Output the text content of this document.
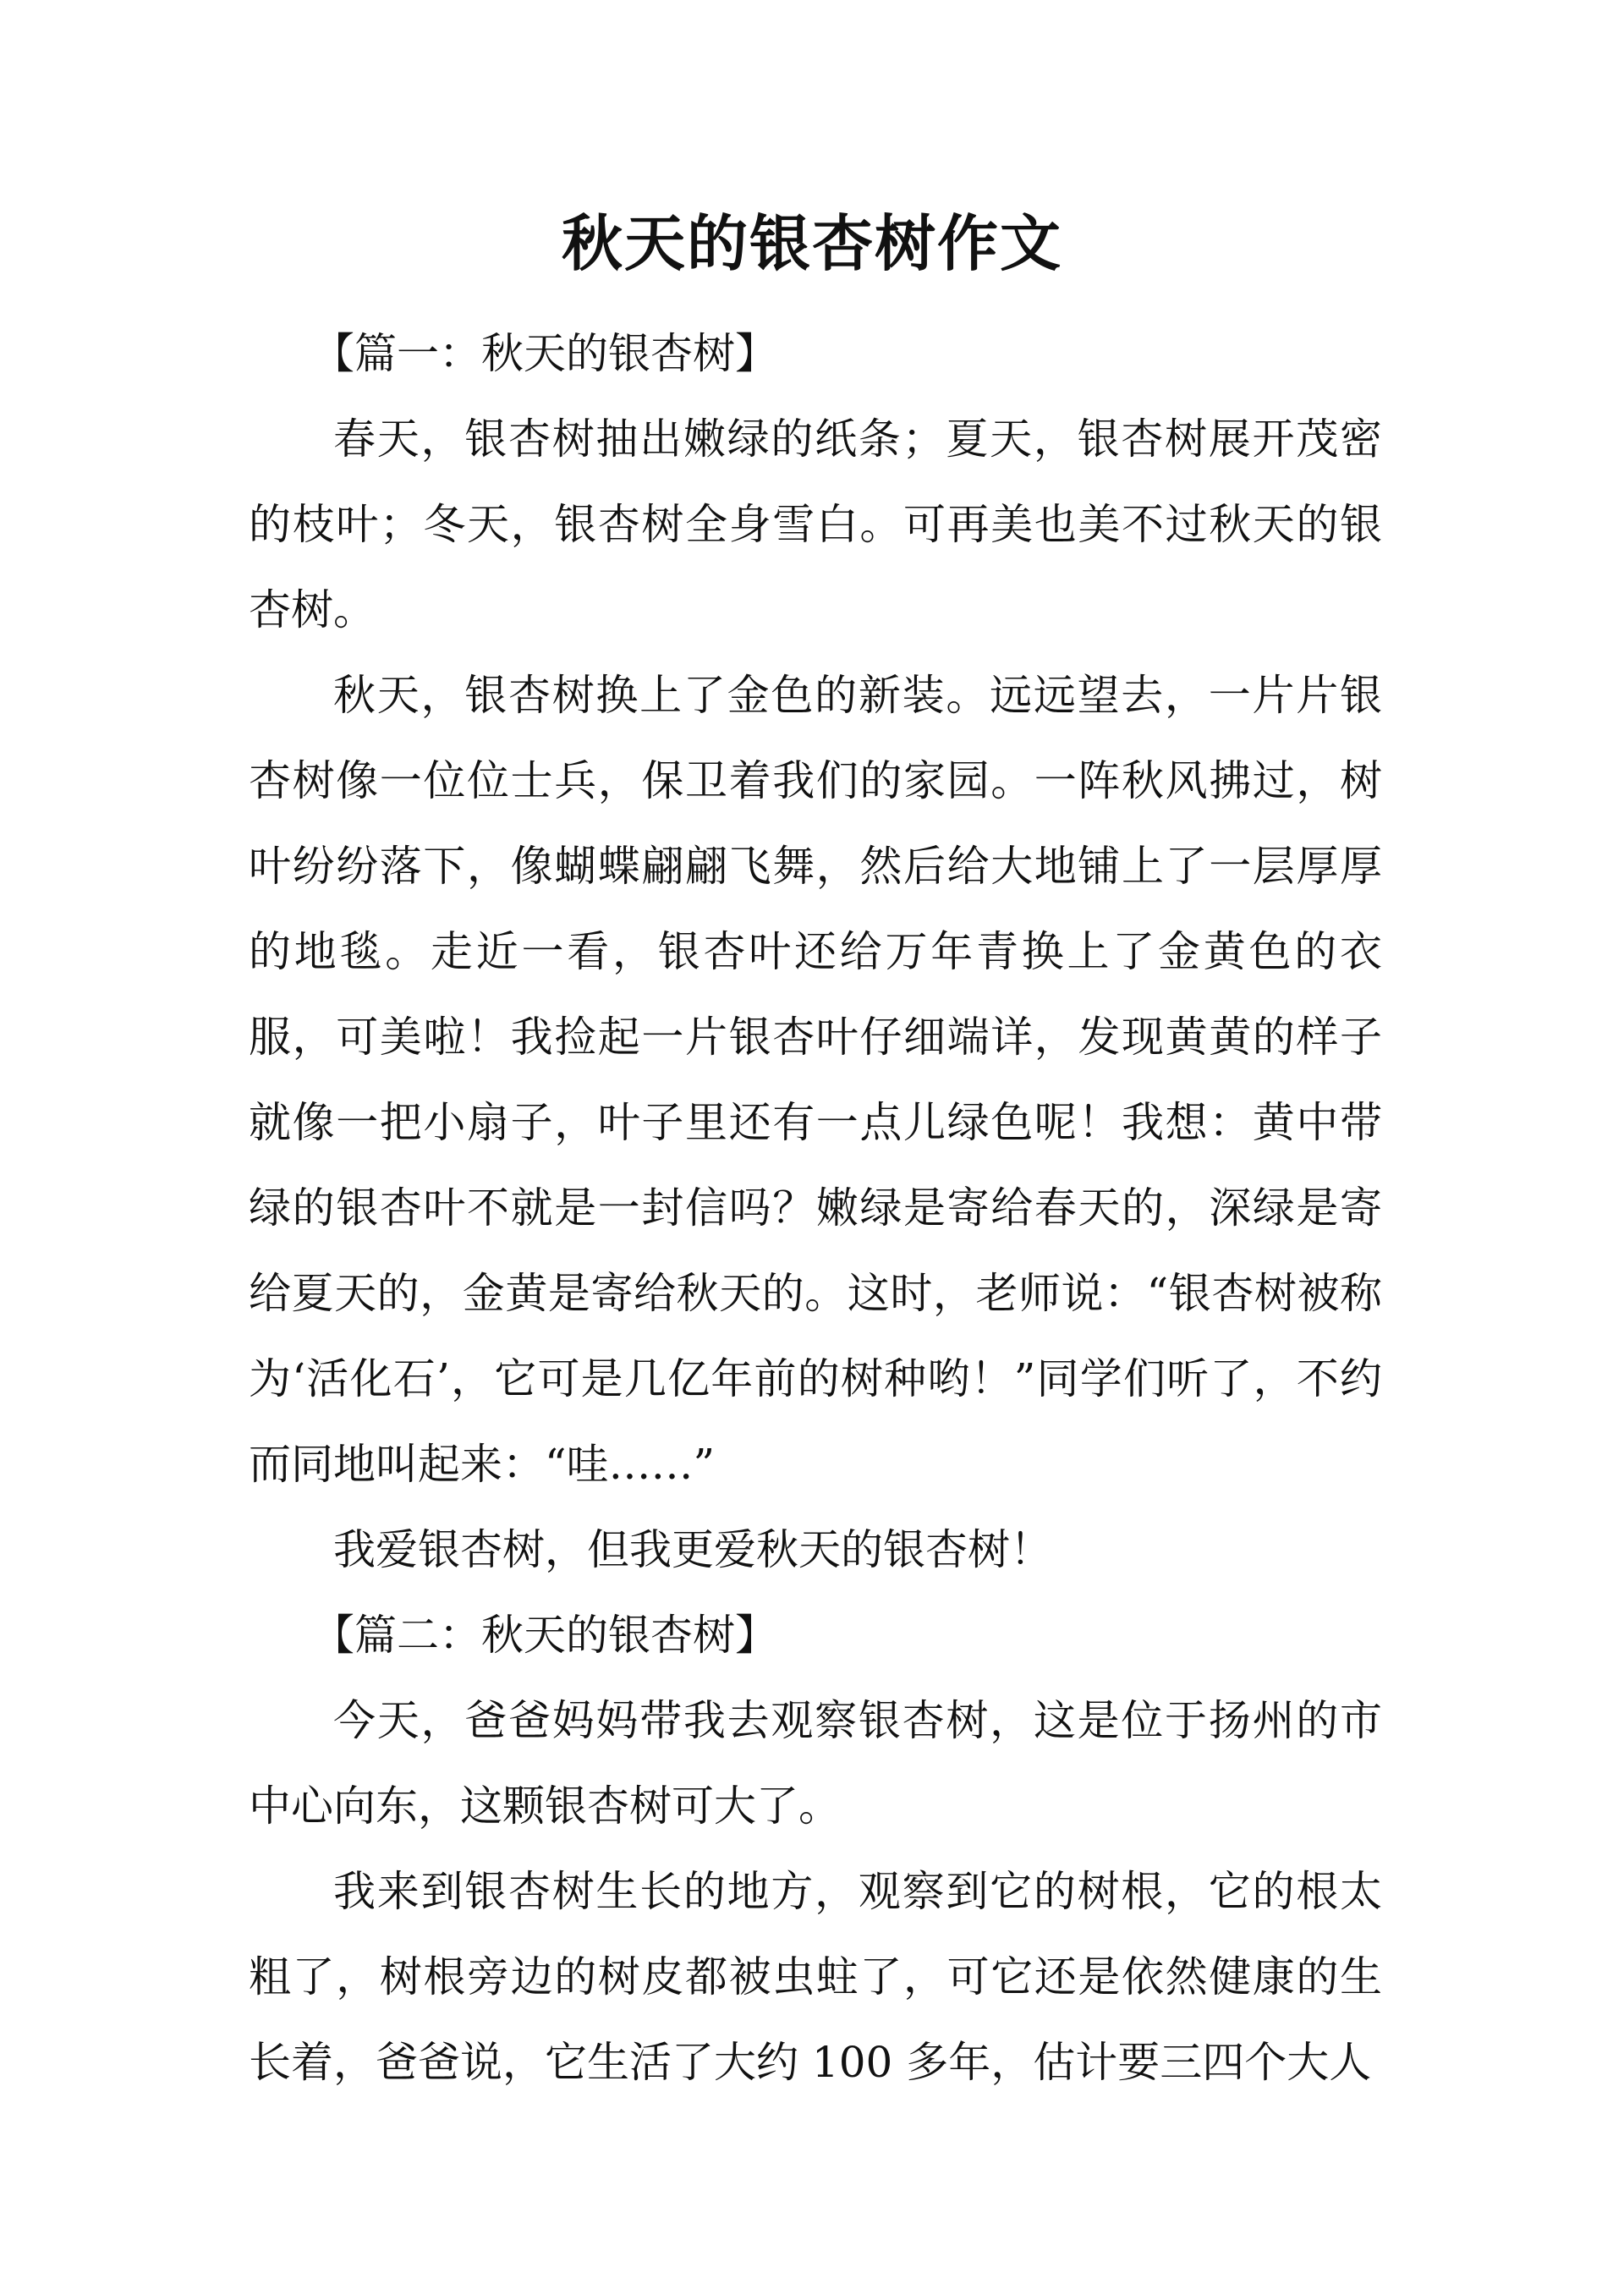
秋天的银杏树作文

【篇一：秋天的银杏树】

春天，银杏树抽出嫩绿的纸条；夏天，银杏树展开茂密的枝叶；冬天，银杏树全身雪白。可再美也美不过秋天的银杏树。

秋天，银杏树换上了金色的新装。远远望去，一片片银杏树像一位位士兵，保卫着我们的家园。一阵秋风拂过，树叶纷纷落下，像蝴蝶翩翩飞舞，然后给大地铺上了一层厚厚的地毯。走近一看，银杏叶还给万年青换上了金黄色的衣服，可美啦！我捡起一片银杏叶仔细端详，发现黄黄的样子就像一把小扇子，叶子里还有一点儿绿色呢！我想：黄中带绿的银杏叶不就是一封信吗？嫩绿是寄给春天的，深绿是寄给夏天的，金黄是寄给秋天的。这时，老师说：“银杏树被称为‘活化石’，它可是几亿年前的树种哟！”同学们听了，不约而同地叫起来：“哇……”

我爱银杏树，但我更爱秋天的银杏树！

【篇二：秋天的银杏树】

今天，爸爸妈妈带我去观察银杏树，这是位于扬州的市中心向东，这颗银杏树可大了。

我来到银杏树生长的地方，观察到它的树根，它的根太粗了，树根旁边的树皮都被虫蛀了，可它还是依然健康的生长着，爸爸说，它生活了大约 100 多年，估计要三四个大人
